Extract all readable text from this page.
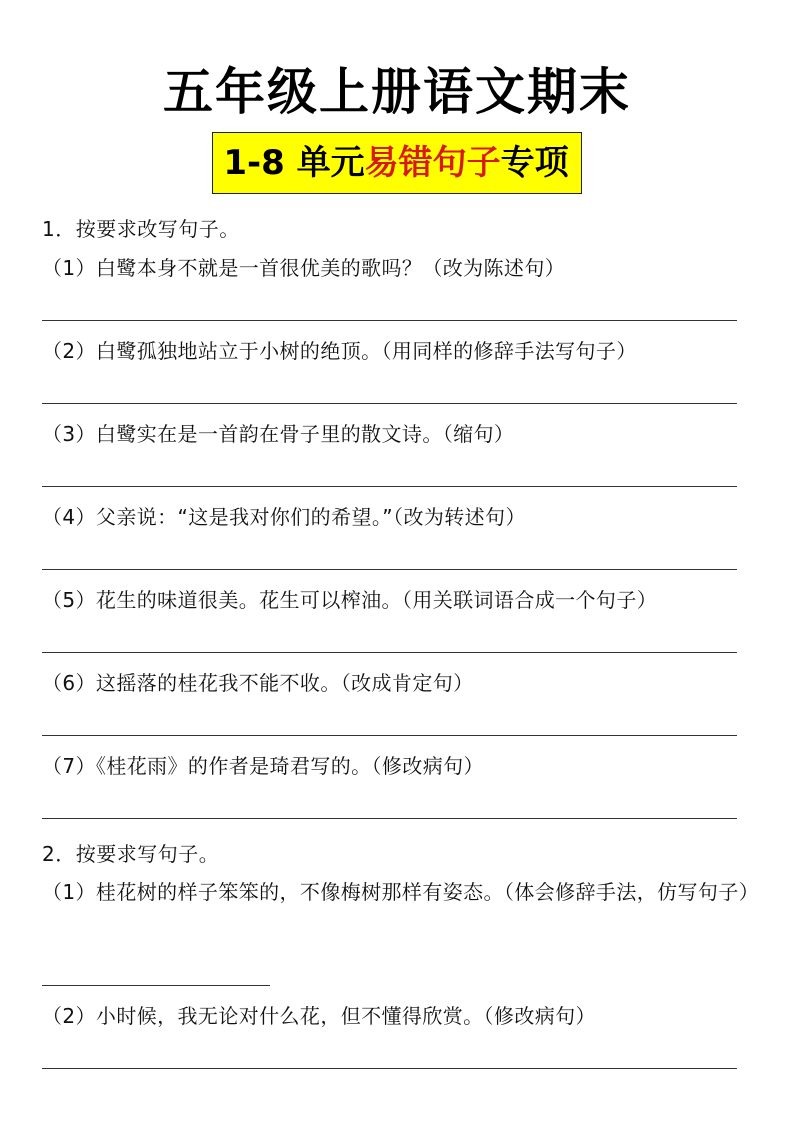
五年级上册语文期末
1-8 单元易错句子专项
1．按要求改写句子。
（1）白鹭本身不就是一首很优美的歌吗？（改为陈述句）
（2）白鹭孤独地站立于小树的绝顶。（用同样的修辞手法写句子）
（3）白鹭实在是一首韵在骨子里的散文诗。（缩句）
（4）父亲说：“这是我对你们的希望。”（改为转述句）
（5）花生的味道很美。花生可以榨油。（用关联词语合成一个句子）
（6）这摇落的桂花我不能不收。（改成肯定句）
（7）《桂花雨》的作者是琦君写的。（修改病句）
2．按要求写句子。
（1）桂花树的样子笨笨的，不像梅树那样有姿态。（体会修辞手法，仿写句子）
（2）小时候，我无论对什么花，但不懂得欣赏。（修改病句）
